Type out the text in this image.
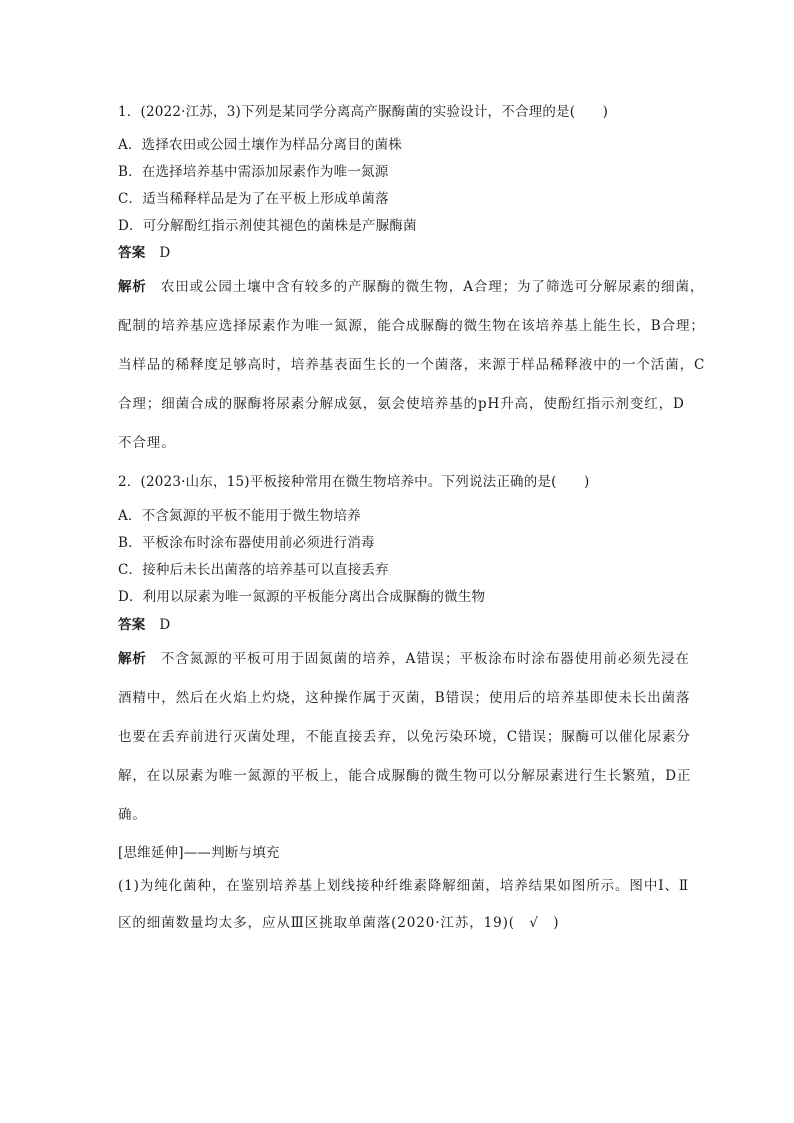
1．(2022·江苏，3)下列是某同学分离高产脲酶菌的实验设计，不合理的是(　　)
A．选择农田或公园土壤作为样品分离目的菌株
B．在选择培养基中需添加尿素作为唯一氮源
C．适当稀释样品是为了在平板上形成单菌落
D．可分解酚红指示剂使其褪色的菌株是产脲酶菌
答案 D
解析 农田或公园土壤中含有较多的产脲酶的微生物，A合理；为了筛选可分解尿素的细菌，
配制的培养基应选择尿素作为唯一氮源，能合成脲酶的微生物在该培养基上能生长，B合理；
当样品的稀释度足够高时，培养基表面生长的一个菌落，来源于样品稀释液中的一个活菌，C
合理；细菌合成的脲酶将尿素分解成氨，氨会使培养基的pH升高，使酚红指示剂变红，D
不合理。
2．(2023·山东，15)平板接种常用在微生物培养中。下列说法正确的是(　　)
A．不含氮源的平板不能用于微生物培养
B．平板涂布时涂布器使用前必须进行消毒
C．接种后未长出菌落的培养基可以直接丢弃
D．利用以尿素为唯一氮源的平板能分离出合成脲酶的微生物
答案 D
解析 不含氮源的平板可用于固氮菌的培养，A错误；平板涂布时涂布器使用前必须先浸在
酒精中，然后在火焰上灼烧，这种操作属于灭菌，B错误；使用后的培养基即使未长出菌落
也要在丢弃前进行灭菌处理，不能直接丢弃，以免污染环境，C错误；脲酶可以催化尿素分
解，在以尿素为唯一氮源的平板上，能合成脲酶的微生物可以分解尿素进行生长繁殖，D正
确。
[思维延伸]——判断与填充
(1)为纯化菌种，在鉴别培养基上划线接种纤维素降解细菌，培养结果如图所示。图中Ⅰ、Ⅱ
区的细菌数量均太多，应从Ⅲ区挑取单菌落(2020·江苏，19)(　√　)
